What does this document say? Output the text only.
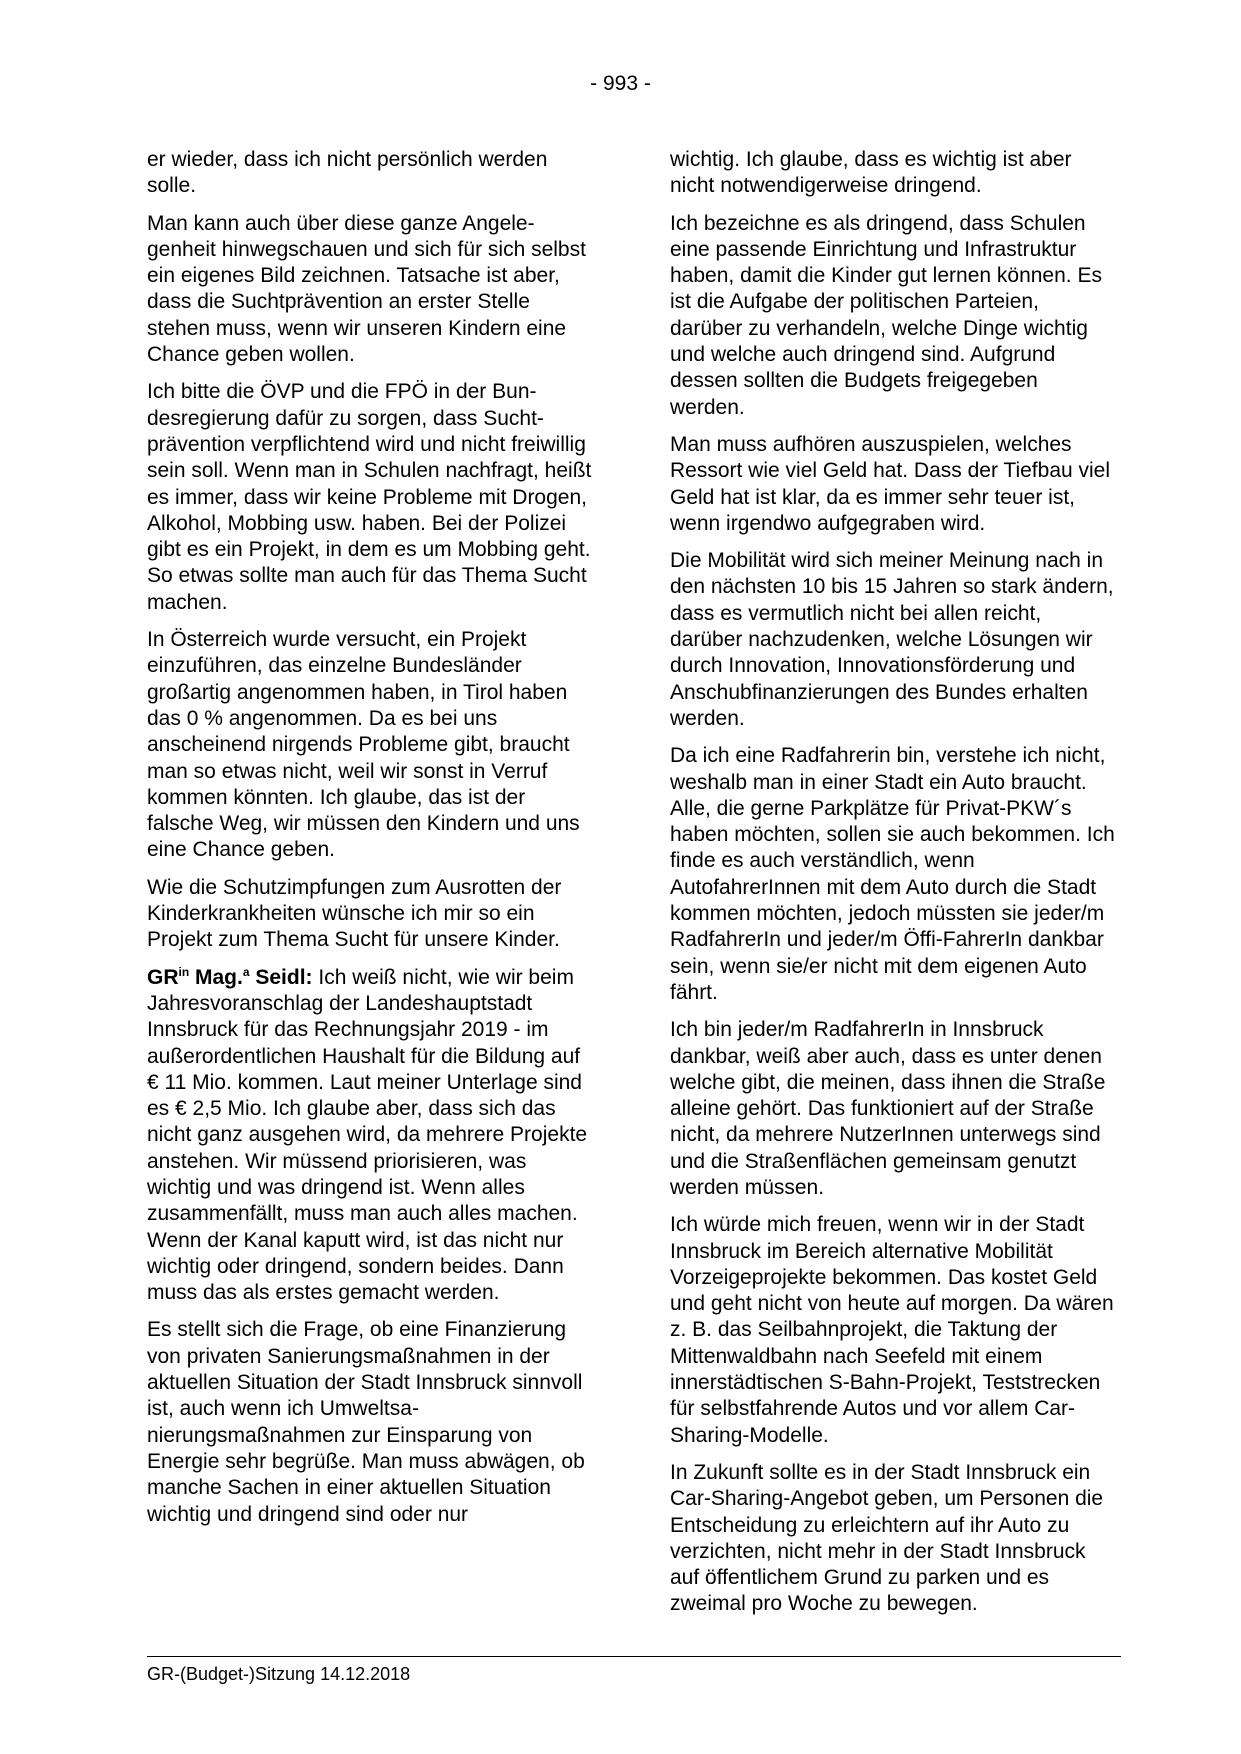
- 993 -

er wieder, dass ich nicht persönlich werden solle.

Man kann auch über diese ganze Angelegenheit hinwegschauen und sich für sich selbst ein eigenes Bild zeichnen. Tatsache ist aber, dass die Suchtprävention an erster Stelle stehen muss, wenn wir unseren Kindern eine Chance geben wollen.

Ich bitte die ÖVP und die FPÖ in der Bundesregierung dafür zu sorgen, dass Suchtprävention verpflichtend wird und nicht freiwillig sein soll. Wenn man in Schulen nachfragt, heißt es immer, dass wir keine Probleme mit Drogen, Alkohol, Mobbing usw. haben. Bei der Polizei gibt es ein Projekt, in dem es um Mobbing geht. So etwas sollte man auch für das Thema Sucht machen.

In Österreich wurde versucht, ein Projekt einzuführen, das einzelne Bundesländer großartig angenommen haben, in Tirol haben das 0 % angenommen. Da es bei uns anscheinend nirgends Probleme gibt, braucht man so etwas nicht, weil wir sonst in Verruf kommen könnten. Ich glaube, das ist der falsche Weg, wir müssen den Kindern und uns eine Chance geben.

Wie die Schutzimpfungen zum Ausrotten der Kinderkrankheiten wünsche ich mir so ein Projekt zum Thema Sucht für unsere Kinder.

$GR^{in}$ Mag.$^a$ Seidl: Ich weiß nicht, wie wir beim Jahresvoranschlag der Landeshauptstadt Innsbruck für das Rechnungsjahr 2019 - im außerordentlichen Haushalt für die Bildung auf € 11 Mio. kommen. Laut meiner Unterlage sind es € 2,5 Mio. Ich glaube aber, dass sich das nicht ganz ausgehen wird, da mehrere Projekte anstehen. Wir müssend priorisieren, was wichtig und was dringend ist. Wenn alles zusammenfällt, muss man auch alles machen. Wenn der Kanal kaputt wird, ist das nicht nur wichtig oder dringend, sondern beides. Dann muss das als erstes gemacht werden.

Es stellt sich die Frage, ob eine Finanzierung von privaten Sanierungsmaßnahmen in der aktuellen Situation der Stadt Innsbruck sinnvoll ist, auch wenn ich Umweltsanierungsmaßnahmen zur Einsparung von Energie sehr begrüße. Man muss abwägen, ob manche Sachen in einer aktuellen Situation wichtig und dringend sind oder nur

wichtig. Ich glaube, dass es wichtig ist aber nicht notwendigerweise dringend.

Ich bezeichne es als dringend, dass Schulen eine passende Einrichtung und Infrastruktur haben, damit die Kinder gut lernen können. Es ist die Aufgabe der politischen Parteien, darüber zu verhandeln, welche Dinge wichtig und welche auch dringend sind. Aufgrund dessen sollten die Budgets freigegeben werden.

Man muss aufhören auszuspielen, welches Ressort wie viel Geld hat. Dass der Tiefbau viel Geld hat ist klar, da es immer sehr teuer ist, wenn irgendwo aufgegraben wird.

Die Mobilität wird sich meiner Meinung nach in den nächsten 10 bis 15 Jahren so stark ändern, dass es vermutlich nicht bei allen reicht, darüber nachzudenken, welche Lösungen wir durch Innovation, Innovationsförderung und Anschubfinanzierungen des Bundes erhalten werden.

Da ich eine Radfahrerin bin, verstehe ich nicht, weshalb man in einer Stadt ein Auto braucht. Alle, die gerne Parkplätze für Privat-PKW´s haben möchten, sollen sie auch bekommen. Ich finde es auch verständlich, wenn AutofahrerInnen mit dem Auto durch die Stadt kommen möchten, jedoch müssten sie jeder/m RadfahrerIn und jeder/m Öffi-FahrerIn dankbar sein, wenn sie/er nicht mit dem eigenen Auto fährt.

Ich bin jeder/m RadfahrerIn in Innsbruck dankbar, weiß aber auch, dass es unter denen welche gibt, die meinen, dass ihnen die Straße alleine gehört. Das funktioniert auf der Straße nicht, da mehrere NutzerInnen unterwegs sind und die Straßenflächen gemeinsam genutzt werden müssen.

Ich würde mich freuen, wenn wir in der Stadt Innsbruck im Bereich alternative Mobilität Vorzeigeprojekte bekommen. Das kostet Geld und geht nicht von heute auf morgen. Da wären z. B. das Seilbahnprojekt, die Taktung der Mittenwaldbahn nach Seefeld mit einem innerstädtischen S-Bahn-Projekt, Teststrecken für selbstfahrende Autos und vor allem Car-Sharing-Modelle.

In Zukunft sollte es in der Stadt Innsbruck ein Car-Sharing-Angebot geben, um Personen die Entscheidung zu erleichtern auf ihr Auto zu verzichten, nicht mehr in der Stadt Innsbruck auf öffentlichem Grund zu parken und es zweimal pro Woche zu bewegen.

GR-(Budget-)Sitzung 14.12.2018
